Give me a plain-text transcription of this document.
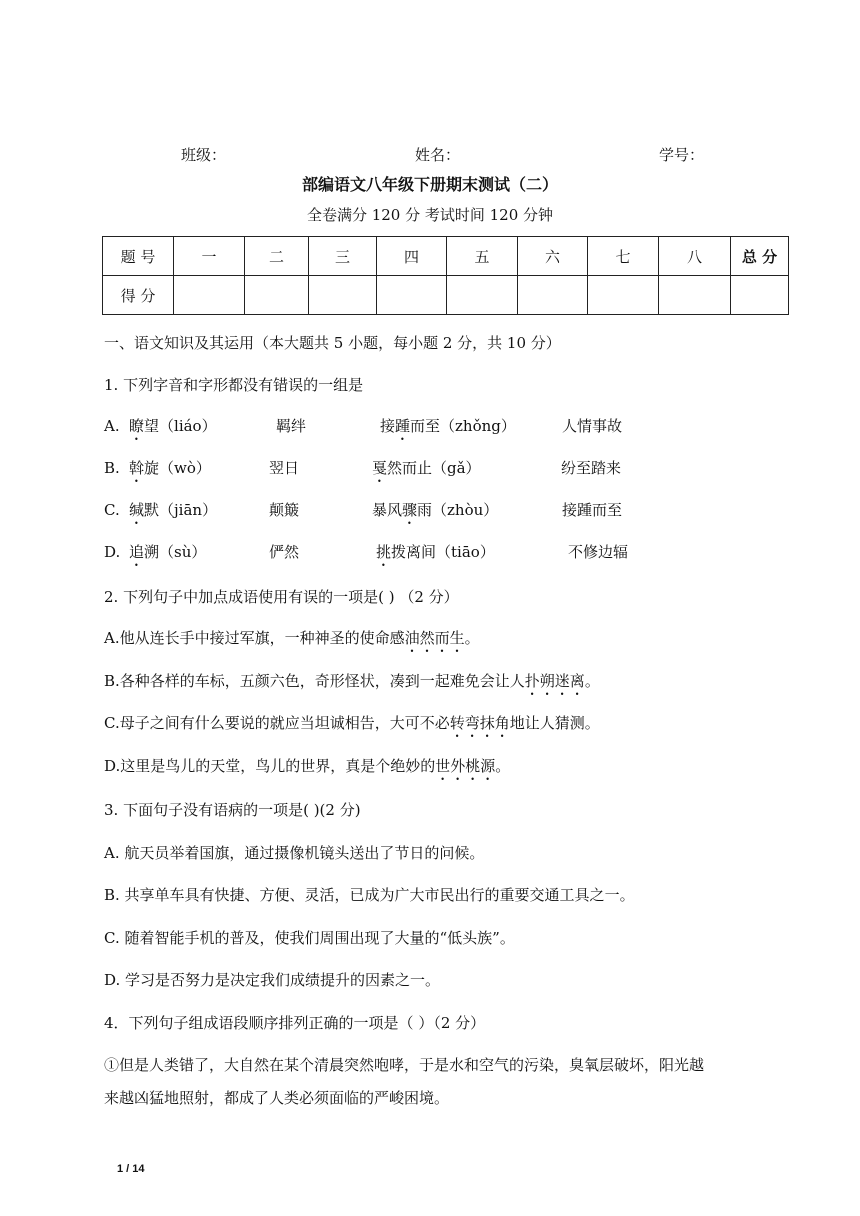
班级：	姓名：	学号：
部编语文八年级下册期末测试（二）
全卷满分 120 分 考试时间 120 分钟
题 号	一	二	三	四	五	六	七	八	总 分
得 分									
一、语文知识及其运用（本大题共 5 小题，每小题 2 分，共 10 分）
1. 下列字音和字形都没有错误的一组是
A. 瞭望（liáo）	羁绊	接踵而至（zhǒng）	人情事故
B. 斡旋（wò）	翌日	戛然而止（gǎ）	纷至踏来
C. 缄默（jiān）	颠簸	暴风骤雨（zhòu）	接踵而至
D. 追溯（sù）	俨然	挑拨离间（tiāo）	不修边辐
2. 下列句子中加点成语使用有误的一项是( ) （2 分）
A.他从连长手中接过军旗，一种神圣的使命感油然而生。
B.各种各样的车标，五颜六色，奇形怪状，凑到一起难免会让人扑朔迷离。
C.母子之间有什么要说的就应当坦诚相告，大可不必转弯抹角地让人猜测。
D.这里是鸟儿的天堂，鸟儿的世界，真是个绝妙的世外桃源。
3. 下面句子没有语病的一项是( )(2 分)
A. 航天员举着国旗，通过摄像机镜头送出了节日的问候。
B. 共享单车具有快捷、方便、灵活，已成为广大市民出行的重要交通工具之一。
C. 随着智能手机的普及，使我们周围出现了大量的“低头族”。
D. 学习是否努力是决定我们成绩提升的因素之一。
4．下列句子组成语段顺序排列正确的一项是（ ）（2 分）
①但是人类错了，大自然在某个清晨突然咆哮，于是水和空气的污染，臭氧层破坏，阳光越
来越凶猛地照射，都成了人类必须面临的严峻困境。
1 / 14
